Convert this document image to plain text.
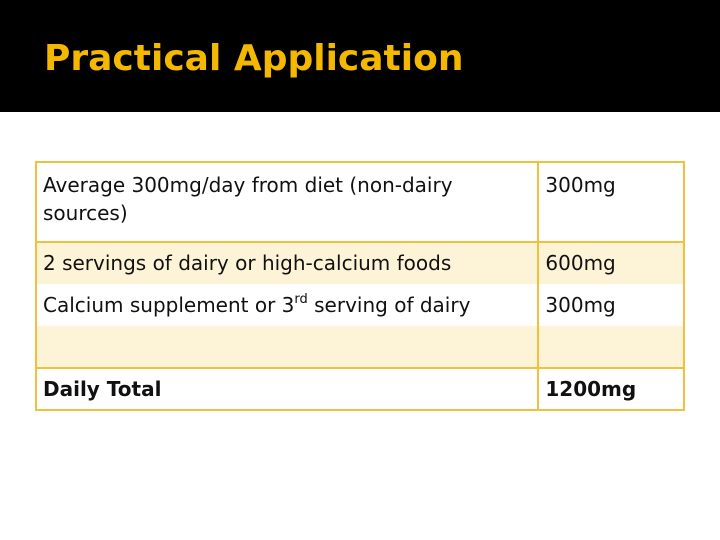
Practical Application
Average 300mg/day from diet (non-dairy sources)	300mg
2 servings of dairy or high-calcium foods	600mg
Calcium supplement or 3rd serving of dairy	300mg

Daily Total	1200mg
